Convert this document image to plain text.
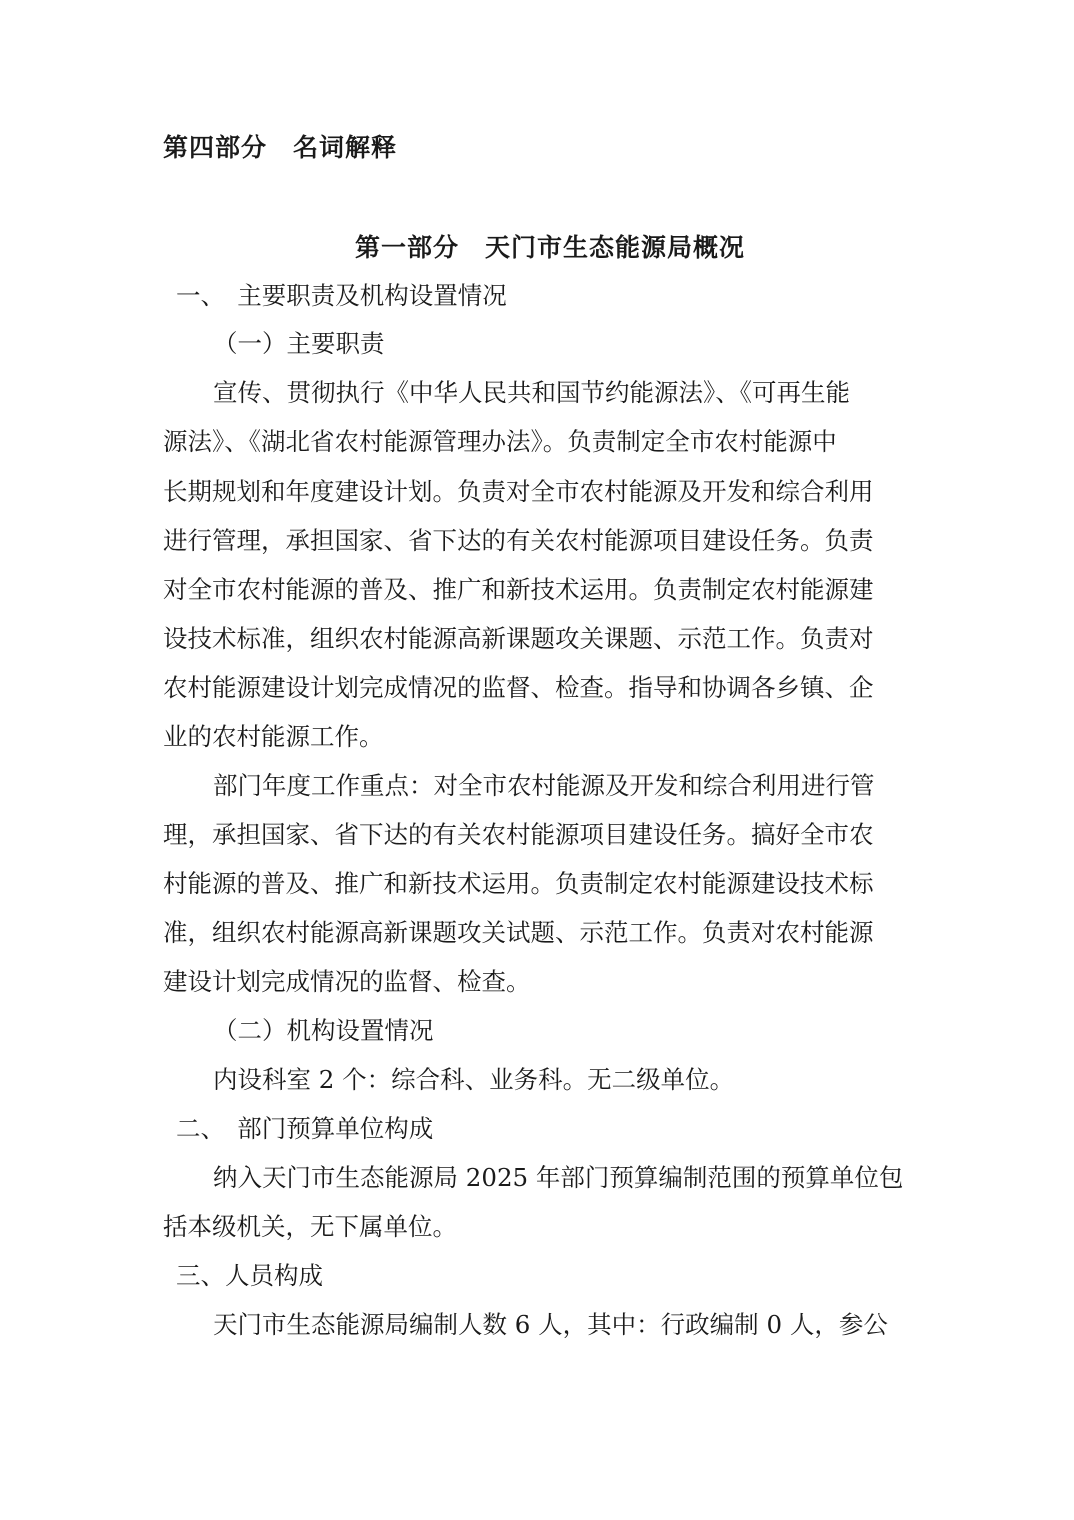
第四部分　名词解释
第一部分　天门市生态能源局概况
一、　主要职责及机构设置情况
（一）主要职责
宣传、贯彻执行《中华人民共和国节约能源法》、《可再生能
源法》、《湖北省农村能源管理办法》。负责制定全市农村能源中
长期规划和年度建设计划。负责对全市农村能源及开发和综合利用
进行管理，承担国家、省下达的有关农村能源项目建设任务。负责
对全市农村能源的普及、推广和新技术运用。负责制定农村能源建
设技术标准，组织农村能源高新课题攻关课题、示范工作。负责对
农村能源建设计划完成情况的监督、检查。指导和协调各乡镇、企
业的农村能源工作。
部门年度工作重点：对全市农村能源及开发和综合利用进行管
理，承担国家、省下达的有关农村能源项目建设任务。搞好全市农
村能源的普及、推广和新技术运用。负责制定农村能源建设技术标
准，组织农村能源高新课题攻关试题、示范工作。负责对农村能源
建设计划完成情况的监督、检查。
（二）机构设置情况
内设科室 2 个：综合科、业务科。无二级单位。
二、　部门预算单位构成
纳入天门市生态能源局 2025 年部门预算编制范围的预算单位包
括本级机关，无下属单位。
三、人员构成
天门市生态能源局编制人数 6 人，其中：行政编制 0 人，参公
